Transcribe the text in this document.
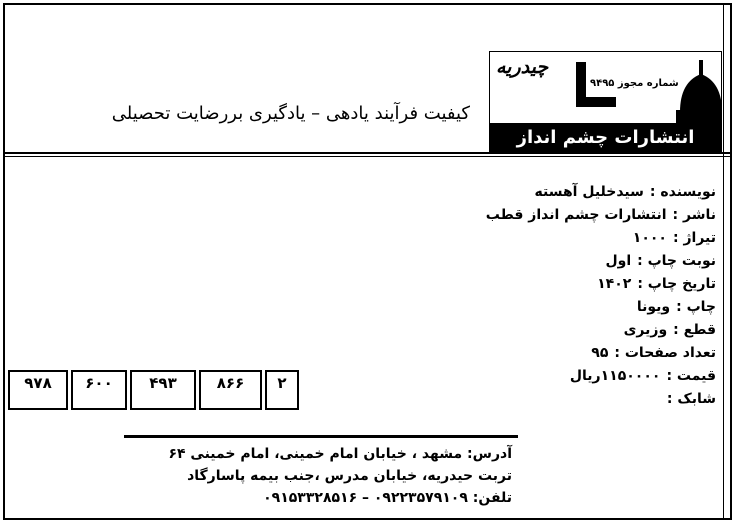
چیدریه
شماره مجوز ۹۴۹۵
انتشارات چشم انداز قطب
کیفیت فرآیند یادهی – یادگیری بررضایت تحصیلی
نویسنده :سیدخلیل آهسته
ناشر :انتشارات چشم انداز قطب
تیراژ :۱۰۰۰
نوبت چاپ :اول
تاریخ چاپ :۱۴۰۲
چاپ :ویونا
قطع :وزیری
تعداد صفحات :۹۵
قیمت :۱۱۵۰۰۰۰ریال
شابک :
۹۷۸	۶۰۰	۴۹۳	۸۶۶	۲
آدرس: مشهد ، خیابان امام خمینی، امام خمینی ۶۴
تربت حیدریه، خیابان مدرس ،جنب بیمه پاسارگاد
تلفن: ۰۹۲۲۳۵۷۹۱۰۹ – ۰۹۱۵۳۳۲۸۵۱۶
